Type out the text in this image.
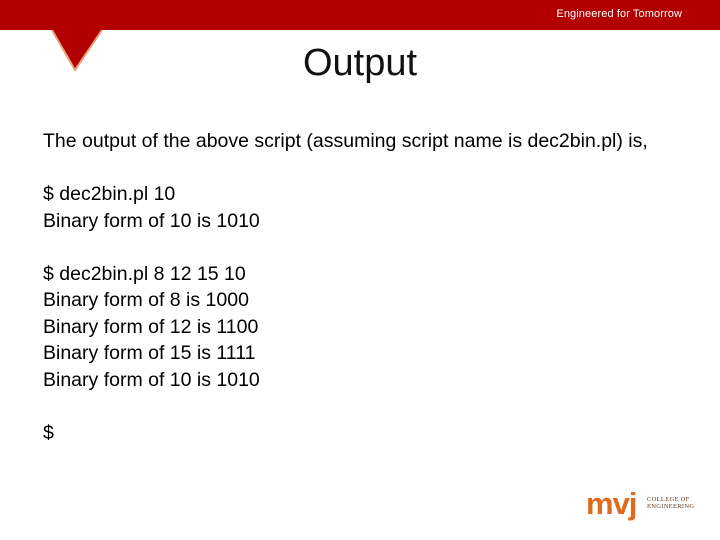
Engineered for Tomorrow
Output
The output of the above script (assuming script name is dec2bin.pl) is,
$ dec2bin.pl 10
Binary form of 10 is 1010
$ dec2bin.pl 8 12 15 10
Binary form of 8 is 1000
Binary form of 12 is 1100
Binary form of 15 is 1111
Binary form of 10 is 1010
$
mvj COLLEGE OF
ENGINEERING
